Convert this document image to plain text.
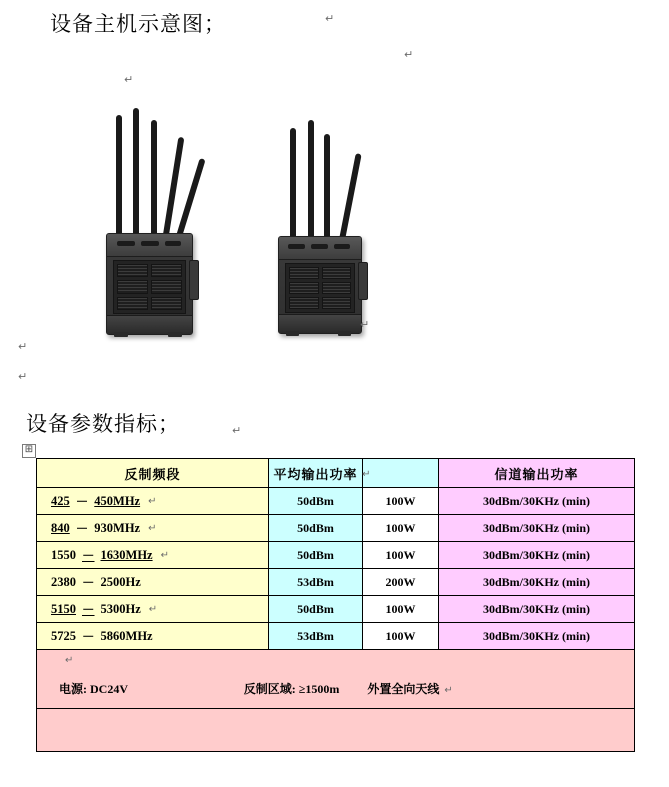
设备主机示意图；	↵
↵
↵
↵
↵
↵
设备参数指标；	↵
⊞
反制频段	平均输出功率 ↵		信道输出功率

425 － 450MHz ↵	50dBm	100W	30dBm/30KHz (min)

840 － 930MHz ↵	50dBm	100W	30dBm/30KHz (min)

1550 － 1630MHz ↵	50dBm	100W	30dBm/30KHz (min)

2380 － 2500Hz	53dBm	200W	30dBm/30KHz (min)

5150 － 5300Hz ↵	50dBm	100W	30dBm/30KHz (min)

5725 － 5860MHz	53dBm	100W	30dBm/30KHz (min)

↵
电源: DC24V 反制区域: ≥1500m 外置全向天线 ↵			
